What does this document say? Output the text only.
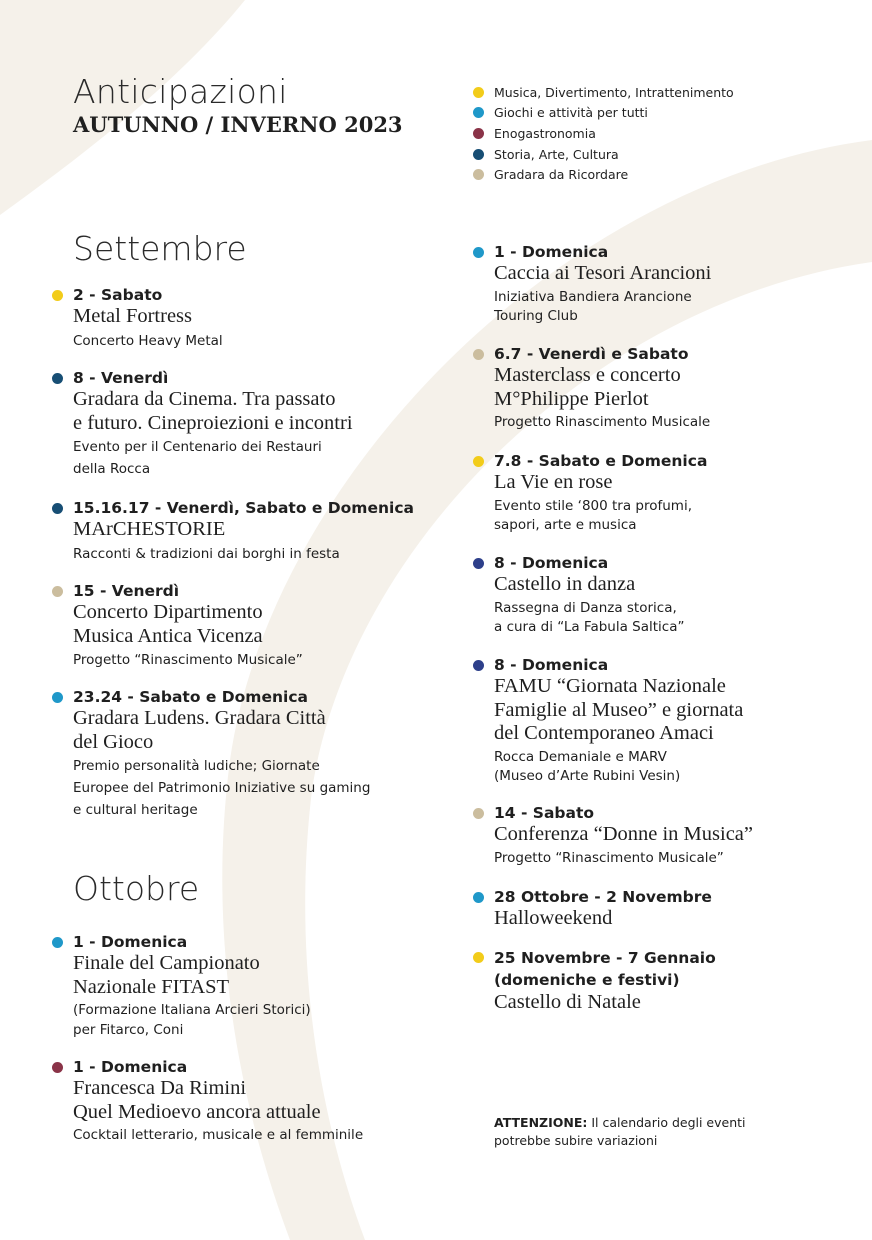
Anticipazioni
AUTUNNO / INVERNO 2023
Musica, Divertimento, Intrattenimento
Giochi e attività per tutti
Enogastronomia
Storia, Arte, Cultura
Gradara da Ricordare
Settembre
Ottobre
2 - Sabato
Metal Fortress
Concerto Heavy Metal
8 - Venerdì
Gradara da Cinema. Tra passato
e futuro. Cineproiezioni e incontri
Evento per il Centenario dei Restauri
della Rocca
15.16.17 - Venerdì, Sabato e Domenica
MArCHESTORIE
Racconti & tradizioni dai borghi in festa
15 - Venerdì
Concerto Dipartimento
Musica Antica Vicenza
Progetto “Rinascimento Musicale”
23.24 - Sabato e Domenica
Gradara Ludens. Gradara Città
del Gioco
Premio personalità ludiche; Giornate
Europee del Patrimonio Iniziative su gaming
e cultural heritage
1 - Domenica
Finale del Campionato
Nazionale FITAST
(Formazione Italiana Arcieri Storici)
per Fitarco, Coni
1 - Domenica
Francesca Da Rimini
Quel Medioevo ancora attuale
Cocktail letterario, musicale e al femminile
1 - Domenica
Caccia ai Tesori Arancioni
Iniziativa Bandiera Arancione
Touring Club
6.7 - Venerdì e Sabato
Masterclass e concerto
M°Philippe Pierlot
Progetto Rinascimento Musicale
7.8 - Sabato e Domenica
La Vie en rose
Evento stile ‘800 tra profumi,
sapori, arte e musica
8 - Domenica
Castello in danza
Rassegna di Danza storica,
a cura di “La Fabula Saltica”
8 - Domenica
FAMU “Giornata Nazionale
Famiglie al Museo” e giornata
del Contemporaneo Amaci
Rocca Demaniale e MARV
(Museo d’Arte Rubini Vesin)
14 - Sabato
Conferenza “Donne in Musica”
Progetto “Rinascimento Musicale”
28 Ottobre - 2 Novembre
Halloweekend
25 Novembre - 7 Gennaio
(domeniche e festivi)
Castello di Natale
ATTENZIONE: Il calendario degli eventi
potrebbe subire variazioni
